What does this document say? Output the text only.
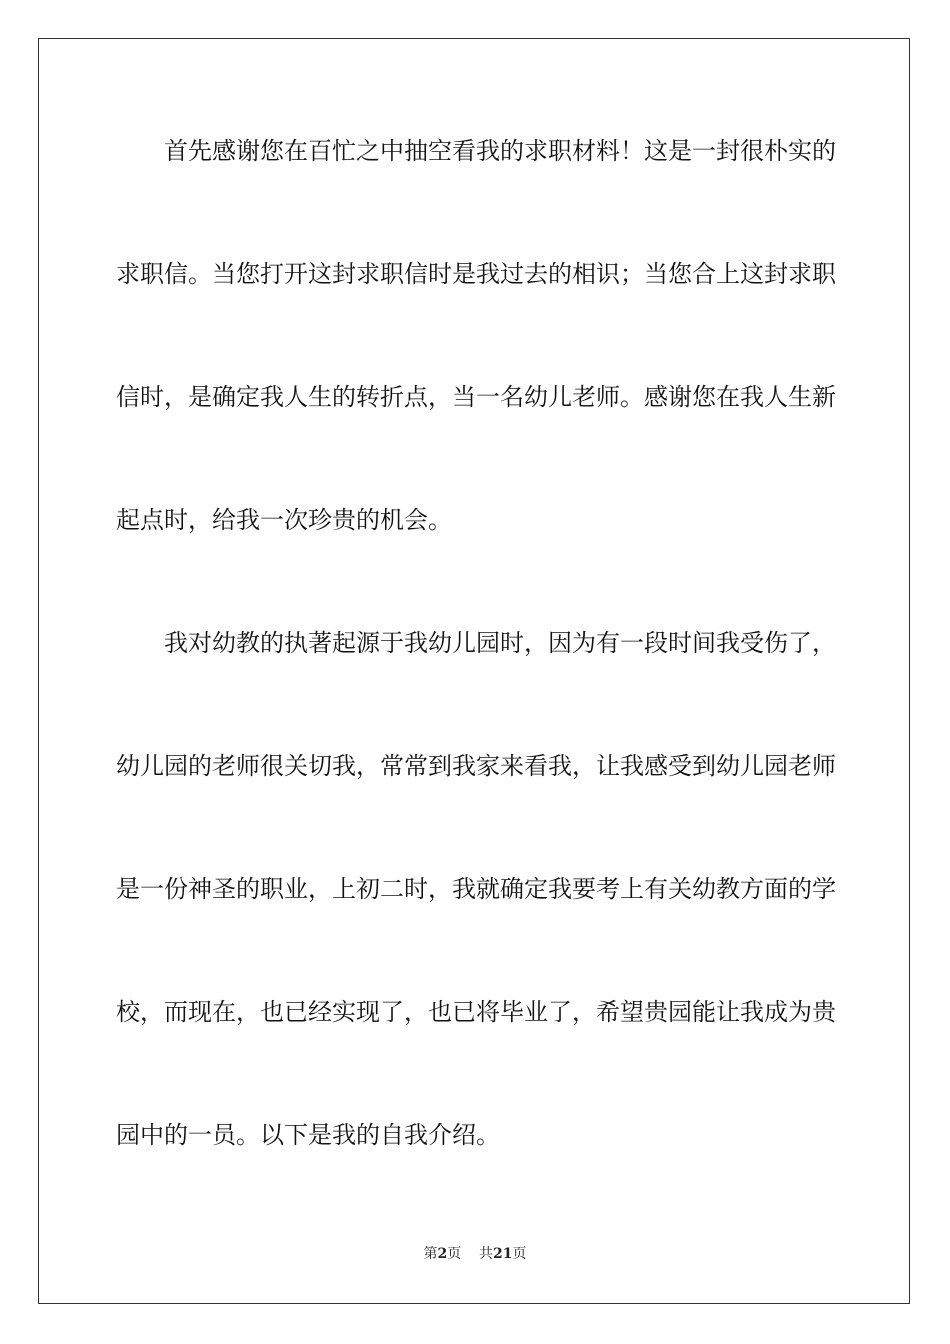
首先感谢您在百忙之中抽空看我的求职材料！这是一封很朴实的
求职信。当您打开这封求职信时是我过去的相识；当您合上这封求职
信时，是确定我人生的转折点，当一名幼儿老师。感谢您在我人生新
起点时，给我一次珍贵的机会。
我对幼教的执著起源于我幼儿园时，因为有一段时间我受伤了，
幼儿园的老师很关切我，常常到我家来看我，让我感受到幼儿园老师
是一份神圣的职业，上初二时，我就确定我要考上有关幼教方面的学
校，而现在，也已经实现了，也已将毕业了，希望贵园能让我成为贵
园中的一员。以下是我的自我介绍。
第2页 共21页
